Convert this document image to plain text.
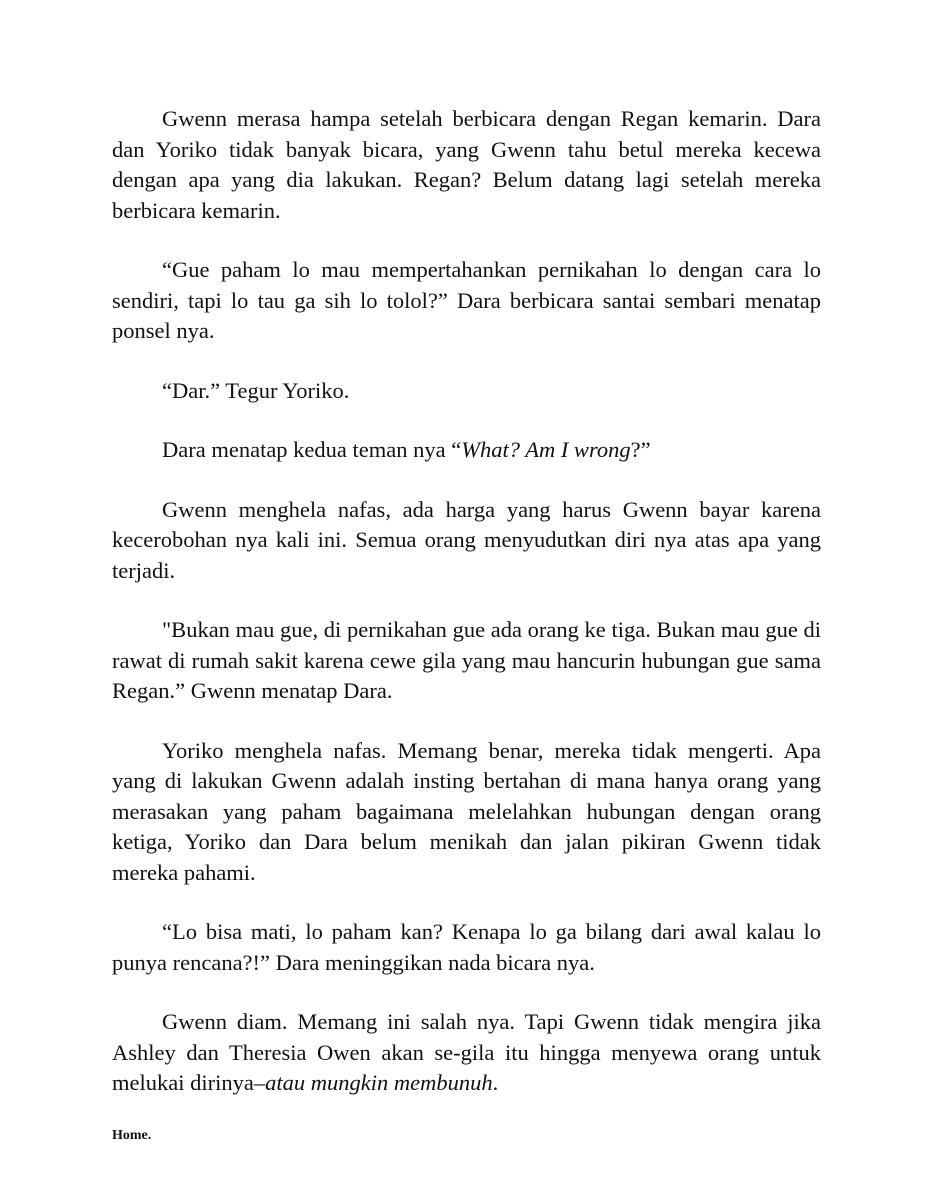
Gwenn merasa hampa setelah berbicara dengan Regan kemarin. Dara dan Yoriko tidak banyak bicara, yang Gwenn tahu betul mereka kecewa dengan apa yang dia lakukan. Regan? Belum datang lagi setelah mereka berbicara kemarin.

“Gue paham lo mau mempertahankan pernikahan lo dengan cara lo sendiri, tapi lo tau ga sih lo tolol?” Dara berbicara santai sembari menatap ponsel nya.

“Dar.” Tegur Yoriko.

Dara menatap kedua teman nya “What? Am I wrong?”

Gwenn menghela nafas, ada harga yang harus Gwenn bayar karena kecerobohan nya kali ini. Semua orang menyudutkan diri nya atas apa yang terjadi.

"Bukan mau gue, di pernikahan gue ada orang ke tiga. Bukan mau gue di rawat di rumah sakit karena cewe gila yang mau hancurin hubungan gue sama Regan.” Gwenn menatap Dara.

Yoriko menghela nafas. Memang benar, mereka tidak mengerti. Apa yang di lakukan Gwenn adalah insting bertahan di mana hanya orang yang merasakan yang paham bagaimana melelahkan hubungan dengan orang ketiga, Yoriko dan Dara belum menikah dan jalan pikiran Gwenn tidak mereka pahami.

“Lo bisa mati, lo paham kan? Kenapa lo ga bilang dari awal kalau lo punya rencana?!” Dara meninggikan nada bicara nya.

Gwenn diam. Memang ini salah nya. Tapi Gwenn tidak mengira jika Ashley dan Theresia Owen akan se-gila itu hingga menyewa orang untuk melukai dirinya–atau mungkin membunuh.

Home.
